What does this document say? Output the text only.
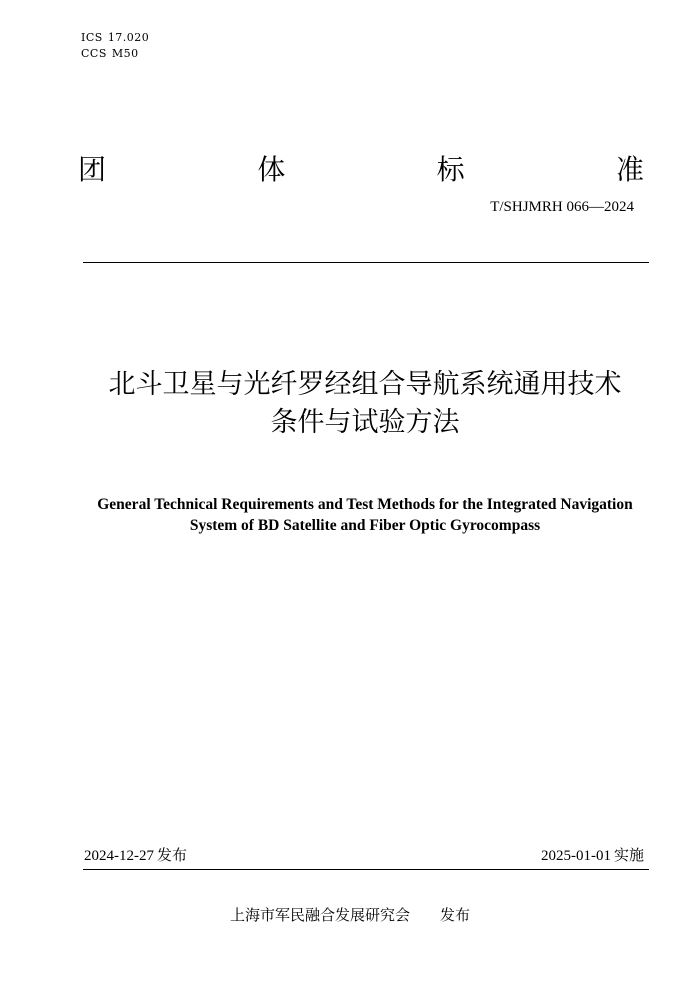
ICS 17.020
CCS M50
团	体	标	准
T/SHJMRH 066—2024
北斗卫星与光纤罗经组合导航系统通用技术
条件与试验方法
General Technical Requirements and Test Methods for the Integrated Navigation
System of BD Satellite and Fiber Optic Gyrocompass
2024-12-27 发布	2025-01-01 实施
上海市军民融合发展研究会 发布
